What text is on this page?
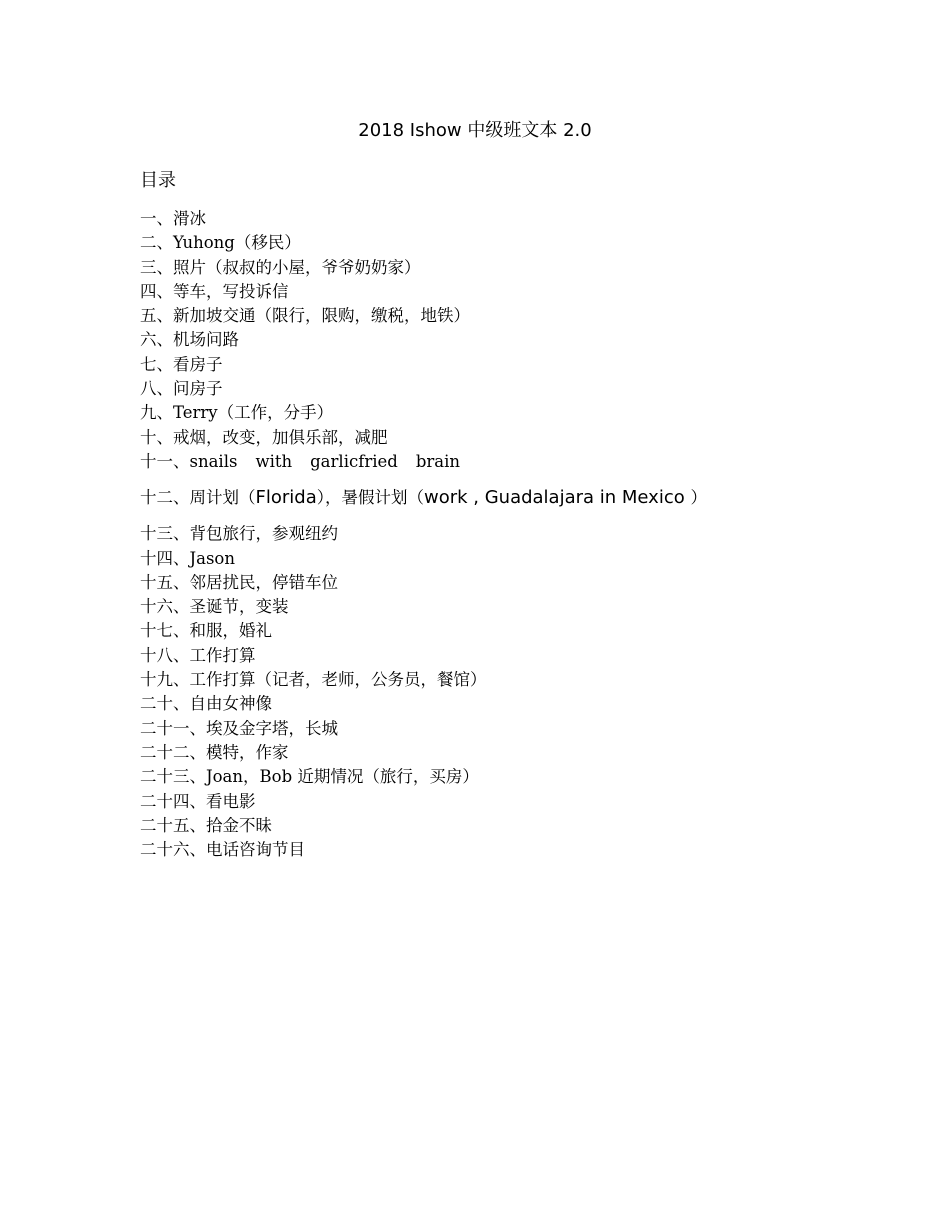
2018 Ishow 中级班文本 2.0
目录
一、滑冰
二、Yuhong（移民）
三、照片（叔叔的小屋，爷爷奶奶家）
四、等车，写投诉信
五、新加坡交通（限行，限购，缴税，地铁）
六、机场问路
七、看房子
八、问房子
九、Terry（工作，分手）
十、戒烟，改变，加俱乐部，减肥
十一、snails with garlicfried brain
十二、周计划（Florida），暑假计划（work , Guadalajara in Mexico ）
十三、背包旅行，参观纽约
十四、Jason
十五、邻居扰民，停错车位
十六、圣诞节，变装
十七、和服，婚礼
十八、工作打算
十九、工作打算（记者，老师，公务员，餐馆）
二十、自由女神像
二十一、埃及金字塔，长城
二十二、模特，作家
二十三、Joan，Bob 近期情况（旅行，买房）
二十四、看电影
二十五、拾金不昧
二十六、电话咨询节目
